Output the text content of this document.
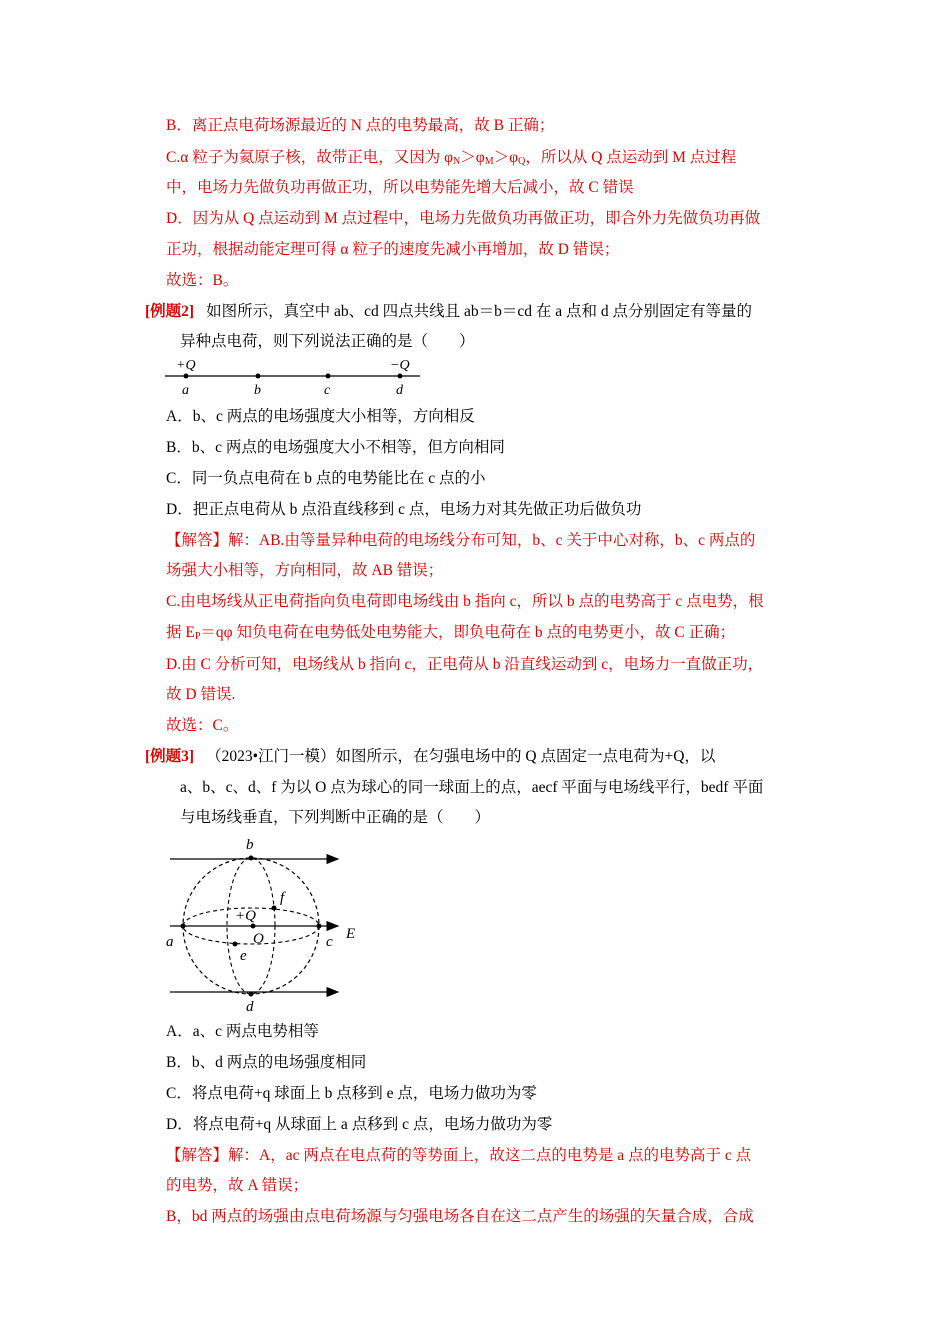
B．离正点电荷场源最近的 N 点的电势最高，故 B 正确；
C.α 粒子为氦原子核，故带正电，又因为 $\varphi_N>\varphi_M>\varphi_Q$，所以从 Q 点运动到 M 点过程
中，电场力先做负功再做正功，所以电势能先增大后减小，故 C 错误
D．因为从 Q 点运动到 M 点过程中，电场力先做负功再做正功，即合外力先做负功再做
正功，根据动能定理可得 α 粒子的速度先减小再增加，故 D 错误；
故选：B。
[例题2] 如图所示，真空中 ab、cd 四点共线且 ab＝b＝cd 在 a 点和 d 点分别固定有等量的
异种点电荷，则下列说法正确的是（　　）
+Q	−Q
a	b	c	d
A．b、c 两点的电场强度大小相等，方向相反
B．b、c 两点的电场强度大小不相等，但方向相同
C．同一负点电荷在 b 点的电势能比在 c 点的小
D．把正点电荷从 b 点沿直线移到 c 点，电场力对其先做正功后做负功
【解答】解：AB.由等量异种电荷的电场线分布可知，b、c 关于中心对称，b、c 两点的
场强大小相等，方向相同，故 AB 错误；
C.由电场线从正电荷指向负电荷即电场线由 b 指向 c，所以 b 点的电势高于 c 点电势，根
据 $E_P=q\varphi$ 知负电荷在电势低处电势能大，即负电荷在 b 点的电势更小，故 C 正确；
D.由 C 分析可知，电场线从 b 指向 c，正电荷从 b 沿直线运动到 c，电场力一直做正功，
故 D 错误.
故选：C。
[例题3] （2023•江门一模）如图所示，在匀强电场中的 Q 点固定一点电荷为+Q，以
a、b、c、d、f 为以 O 点为球心的同一球面上的点，aecf 平面与电场线平行，bedf 平面
与电场线垂直，下列判断中正确的是（　　）
b
f
+Q
a	O	c E
e
d
A．a、c 两点电势相等
B．b、d 两点的电场强度相同
C．将点电荷+q 球面上 b 点移到 e 点，电场力做功为零
D．将点电荷+q 从球面上 a 点移到 c 点，电场力做功为零
【解答】解：A，ac 两点在电点荷的等势面上，故这二点的电势是 a 点的电势高于 c 点
的电势，故 A 错误；
B，bd 两点的场强由点电荷场源与匀强电场各自在这二点产生的场强的矢量合成，合成
